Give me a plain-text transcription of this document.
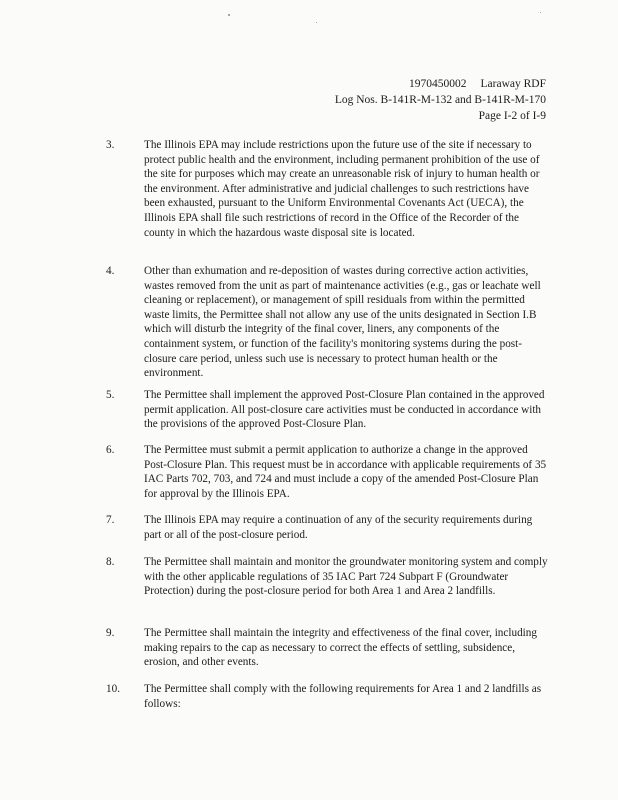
1970450002 Laraway RDF
Log Nos. B-141R-M-132 and B-141R-M-170
Page I-2 of I-9
3.	The Illinois EPA may include restrictions upon the future use of the site if necessary to protect public health and the environment, including permanent prohibition of the use of the site for purposes which may create an unreasonable risk of injury to human health or the environment. After administrative and judicial challenges to such restrictions have been exhausted, pursuant to the Uniform Environmental Covenants Act (UECA), the Illinois EPA shall file such restrictions of record in the Office of the Recorder of the county in which the hazardous waste disposal site is located.
4.	Other than exhumation and re-deposition of wastes during corrective action activities, wastes removed from the unit as part of maintenance activities (e.g., gas or leachate well cleaning or replacement), or management of spill residuals from within the permitted waste limits, the Permittee shall not allow any use of the units designated in Section I.B which will disturb the integrity of the final cover, liners, any components of the containment system, or function of the facility's monitoring systems during the post-closure care period, unless such use is necessary to protect human health or the environment.
5.	The Permittee shall implement the approved Post-Closure Plan contained in the approved permit application. All post-closure care activities must be conducted in accordance with the provisions of the approved Post-Closure Plan.
6.	The Permittee must submit a permit application to authorize a change in the approved Post-Closure Plan. This request must be in accordance with applicable requirements of 35 IAC Parts 702, 703, and 724 and must include a copy of the amended Post-Closure Plan for approval by the Illinois EPA.
7.	The Illinois EPA may require a continuation of any of the security requirements during part or all of the post-closure period.
8.	The Permittee shall maintain and monitor the groundwater monitoring system and comply with the other applicable regulations of 35 IAC Part 724 Subpart F (Groundwater Protection) during the post-closure period for both Area 1 and Area 2 landfills.
9.	The Permittee shall maintain the integrity and effectiveness of the final cover, including making repairs to the cap as necessary to correct the effects of settling, subsidence, erosion, and other events.
10.	The Permittee shall comply with the following requirements for Area 1 and 2 landfills as follows:
